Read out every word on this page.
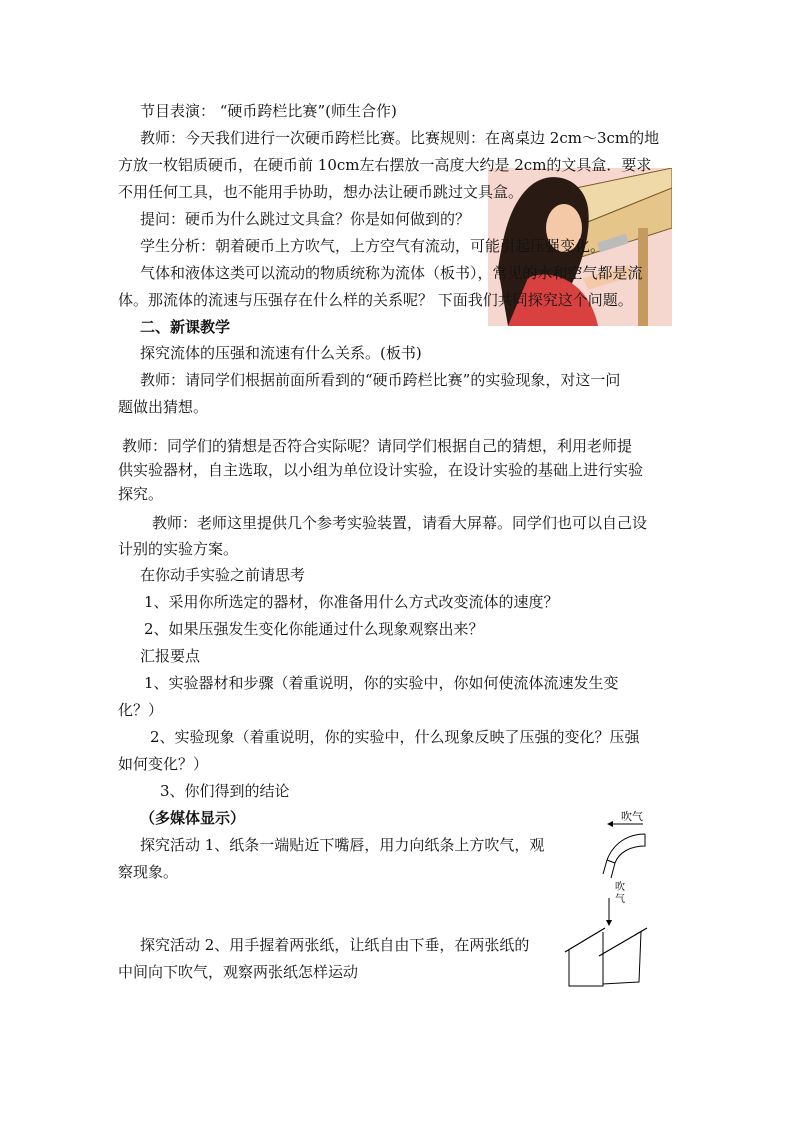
吹气
吹
气
节目表演： “硬币跨栏比赛”(师生合作)
教师：今天我们进行一次硬币跨栏比赛。比赛规则：在离桌边 2cm～3cm的地
方放一枚铝质硬币，在硬币前 10cm左右摆放一高度大约是 2cm的文具盒．要求
不用任何工具，也不能用手协助，想办法让硬币跳过文具盒。
提问：硬币为什么跳过文具盒？你是如何做到的？
学生分析：朝着硬币上方吹气，上方空气有流动，可能引起压强变化。
气体和液体这类可以流动的物质统称为流体（板书），常见的水和空气都是流
体。那流体的流速与压强存在什么样的关系呢？ 下面我们共同探究这个问题。
二、新课教学
探究流体的压强和流速有什么关系。(板书)
教师：请同学们根据前面所看到的“硬币跨栏比赛”的实验现象，对这一问
题做出猜想。
教师：同学们的猜想是否符合实际呢？请同学们根据自己的猜想，利用老师提
供实验器材，自主选取，以小组为单位设计实验，在设计实验的基础上进行实验
探究。
教师：老师这里提供几个参考实验装置，请看大屏幕。同学们也可以自己设
计别的实验方案。
在你动手实验之前请思考
1、采用你所选定的器材，你准备用什么方式改变流体的速度？
2、如果压强发生变化你能通过什么现象观察出来？
汇报要点
1、实验器材和步骤（着重说明，你的实验中，你如何使流体流速发生变
化？）
2、实验现象（着重说明，你的实验中，什么现象反映了压强的变化？压强
如何变化？）
3、你们得到的结论
（多媒体显示）
探究活动 1、纸条一端贴近下嘴唇，用力向纸条上方吹气，观
察现象。
探究活动 2、用手握着两张纸，让纸自由下垂，在两张纸的
中间向下吹气，观察两张纸怎样运动
